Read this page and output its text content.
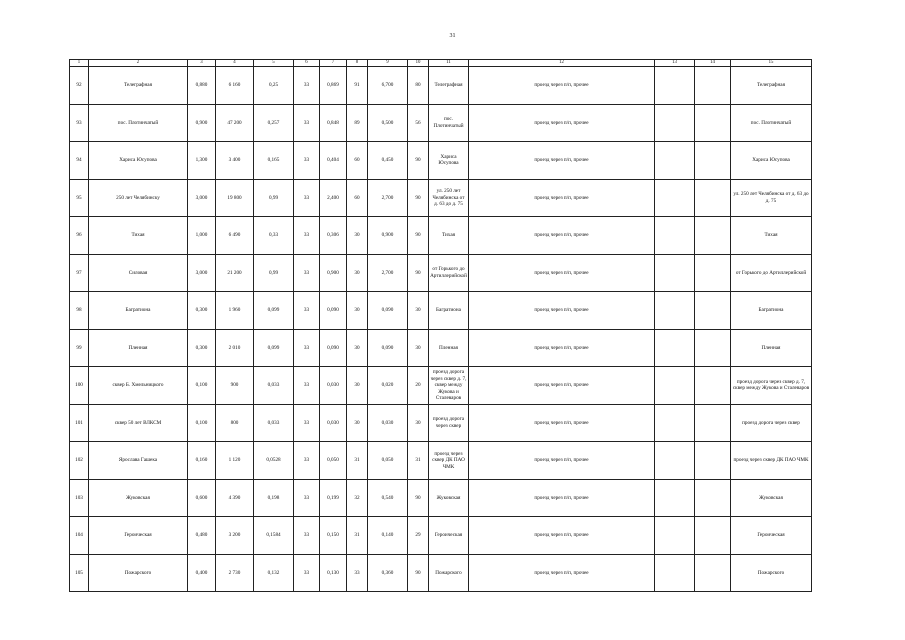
31
1	2	3	4	5	6	7	8	9	10	11	12	13	14	15
92	Телеграфная	0,880	6 160	0,25	33	0,869	91	6,700	80	Телеграфная	проезд через п/п, прочее			Телеграфная
93	пос. Плотинчатый	0,900	47 200	0,257	33	0,848	89	0,500	56	пос. Плотинчатый	проезд через п/п, прочее			пос. Плотинчатый
94	Хариса Юсупова	1,300	3 400	0,165	33	0,404	60	0,450	90	Хариса Юсупова	проезд через п/п, прочее			Хариса Юсупова
95	250 лет Челябинску	3,000	19 800	0,99	33	2,400	60	2,700	90	ул. 250 лет Челябинска от д. 63 до д. 75	проезд через п/п, прочее			ул. 250 лет Челябинска от д. 63 до д. 75
96	Тихая	1,000	6 490	0,33	33	0,306	30	0,900	90	Тихая	проезд через п/п, прочее			Тихая
97	Силовая	3,000	21 200	0,99	33	0,900	30	2,700	90	от Горького до Артиллерийской	проезд через п/п, прочее			от Горького до Артиллерийской
98	Багратиона	0,300	1 960	0,099	33	0,090	30	0,090	30	Багратиона	проезд через п/п, прочее			Багратиона
99	Пленная	0,300	2 010	0,099	33	0,090	30	0,090	30	Пленная	проезд через п/п, прочее			Пленная
100	сквер Б. Хмельницкого	0,100	900	0,033	33	0,030	30	0,020	20	проезд дорога через сквер д. 7, сквер между Жукова и Сталеваров	проезд через п/п, прочее			проезд дорога через сквер д. 7, сквер между Жукова и Сталеваров
101	сквер 50 лет ВЛКСМ	0,100	800	0,033	33	0,030	30	0,030	30	проезд дорога через сквер	проезд через п/п, прочее			проезд дорога через сквер
102	Ярослава Гашека	0,160	1 120	0,0528	33	0,050	31	0,050	31	проезд через сквер ДК ПАО ЧМК	проезд через п/п, прочее			проезд через сквер ДК ПАО ЧМК
103	Жуковская	0,600	4 390	0,198	33	0,199	32	0,540	90	Жуковская	проезд через п/п, прочее			Жуковская
104	Героическая	0,480	3 200	0,1584	33	0,150	31	0,140	29	Героическая	проезд через п/п, прочее			Героическая
105	Пожарского	0,400	2 730	0,132	33	0,130	33	0,360	90	Пожарского	проезд через п/п, прочее			Пожарского
